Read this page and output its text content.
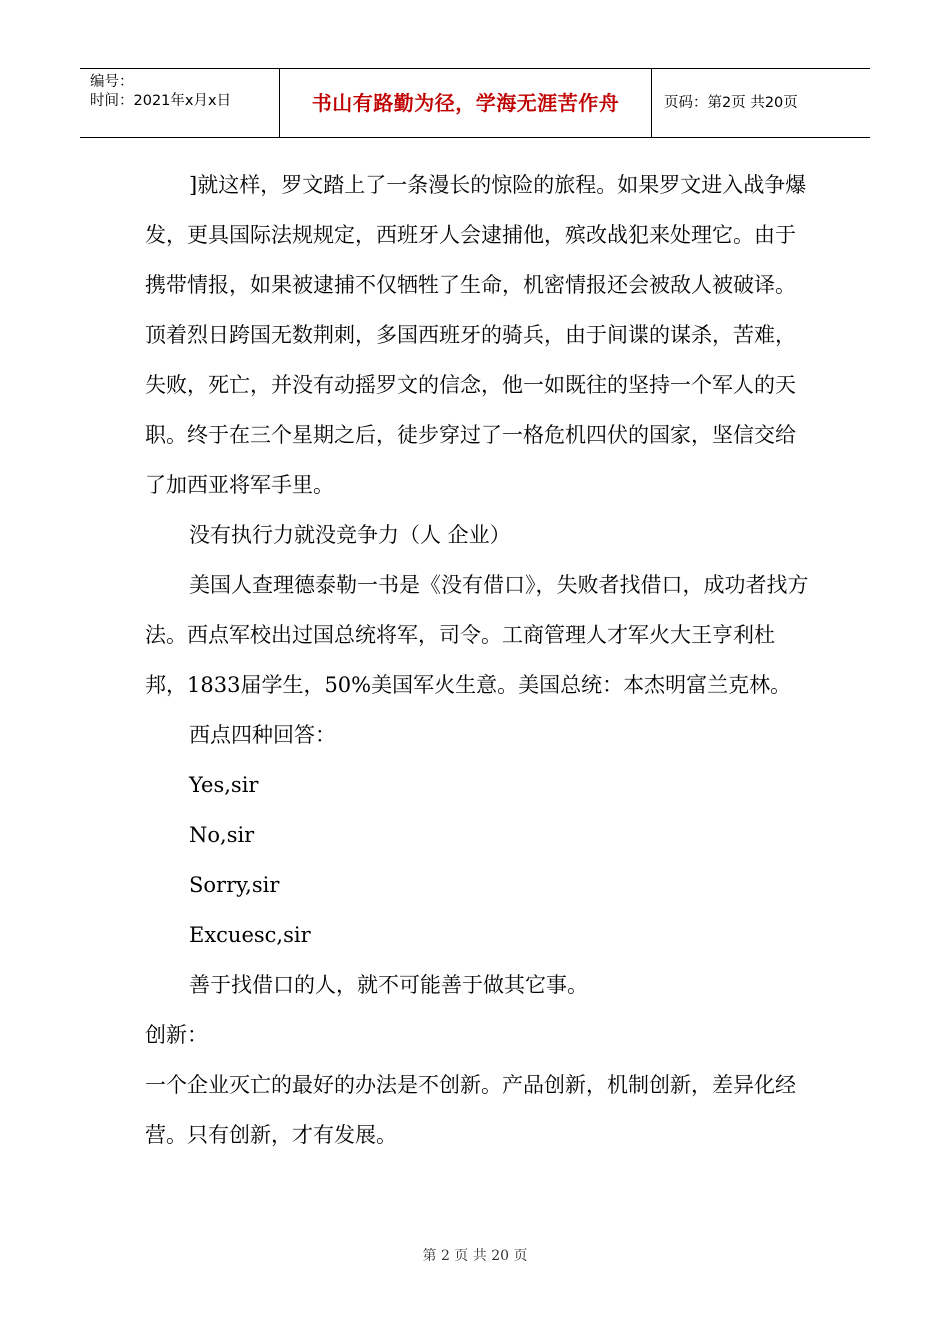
编号：
时间：2021年x月x日	书山有路勤为径，学海无涯苦作舟	页码：第2页 共20页

]就这样，罗文踏上了一条漫长的惊险的旅程。如果罗文进入战争爆发，更具国际法规规定，西班牙人会逮捕他，殡改战犯来处理它。由于携带情报，如果被逮捕不仅牺牲了生命，机密情报还会被敌人被破译。顶着烈日跨国无数荆刺，多国西班牙的骑兵，由于间谍的谋杀，苦难，失败，死亡，并没有动摇罗文的信念，他一如既往的坚持一个军人的天职。终于在三个星期之后，徒步穿过了一格危机四伏的国家，坚信交给了加西亚将军手里。

没有执行力就没竞争力（人 企业）

美国人查理德泰勒一书是《没有借口》，失败者找借口，成功者找方法。西点军校出过国总统将军，司令。工商管理人才军火大王亨利杜邦，1833届学生，50%美国军火生意。美国总统：本杰明富兰克林。

西点四种回答：

Yes,sir

No,sir

Sorry,sir

Excuesc,sir

善于找借口的人，就不可能善于做其它事。

创新：

一个企业灭亡的最好的办法是不创新。产品创新，机制创新，差异化经营。只有创新，才有发展。

第 2 页 共 20 页
